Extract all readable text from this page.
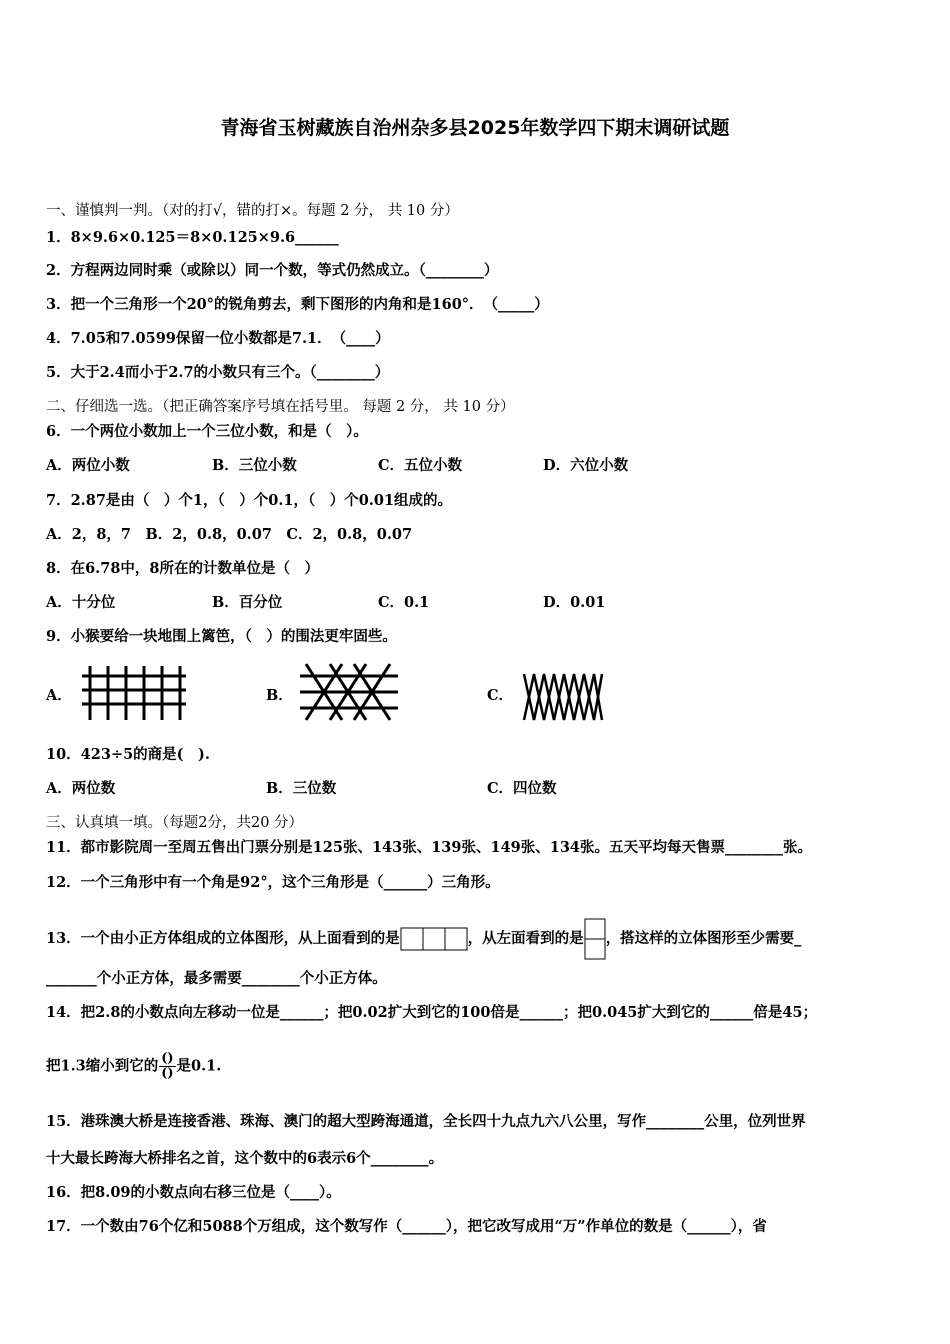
青海省玉树藏族自治州杂多县2025年数学四下期末调研试题
一、谨慎判一判。（对的打√，错的打×。每题 2 分， 共 10 分）
1．8×9.6×0.125＝8×0.125×9.6______
2．方程两边同时乘（或除以）同一个数，等式仍然成立。（________）
3．把一个三角形一个20°的锐角剪去，剩下图形的内角和是160°．　（_____）
4．7.05和7.0599保留一位小数都是7.1．　（____）
5．大于2.4而小于2.7的小数只有三个。（________）
二、仔细选一选。（把正确答案序号填在括号里。 每题 2 分， 共 10 分）
6．一个两位小数加上一个三位小数，和是（　）。
A．两位小数	B．三位小数	C．五位小数	D．六位小数
7．2.87是由（　）个1，（　）个0.1，（　）个0.01组成的。
A．2，8，7　B．2，0.8，0.07　C．2，0.8，0.07
8．在6.78中，8所在的计数单位是（　）
A．十分位	B．百分位	C．0.1	D．0.01
9．小猴要给一块地围上篱笆，（　）的围法更牢固些。
A．	B．	C．
10．423÷5的商是(　).
A．两位数	B．三位数	C．四位数
三、认真填一填。（每题2分，共20 分）
11．都市影院周一至周五售出门票分别是125张、143张、139张、149张、134张。五天平均每天售票________张。
12．一个三角形中有一个角是92°，这个三角形是（______）三角形。
13．一个由小正方体组成的立体图形，从上面看到的是	，从左面看到的是 ，搭这样的立体图形至少需要_
_______个小正方体，最多需要________个小正方体。
14．把2.8的小数点向左移动一位是______；把0.02扩大到它的100倍是______；把0.045扩大到它的______倍是45；
把1.3缩小到它的 $\frac{()}{()}$ 是0.1.
15．港珠澳大桥是连接香港、珠海、澳门的超大型跨海通道，全长四十九点九六八公里，写作________公里，位列世界
十大最长跨海大桥排名之首，这个数中的6表示6个________。
16．把8.09的小数点向右移三位是（____）。
17．一个数由76个亿和5088个万组成，这个数写作（______），把它改写成用“万”作单位的数是（______），省
